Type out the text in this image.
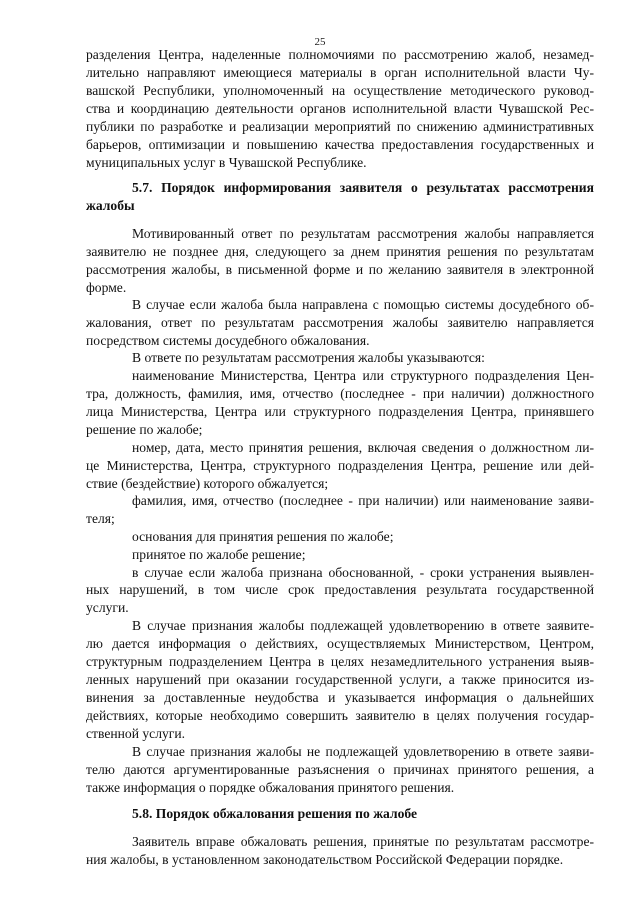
25
разделения Центра, наделенные полномочиями по рассмотрению жалоб, незамед-
лительно направляют имеющиеся материалы в орган исполнительной власти Чу-
вашской Республики, уполномоченный на осуществление методического руковод-
ства и координацию деятельности органов исполнительной власти Чувашской Рес-
публики по разработке и реализации мероприятий по снижению административных
барьеров, оптимизации и повышению качества предоставления государственных и
муниципальных услуг в Чувашской Республике.
5.7. Порядок информирования заявителя о результатах рассмотрения
жалобы
Мотивированный ответ по результатам рассмотрения жалобы направляется
заявителю не позднее дня, следующего за днем принятия решения по результатам
рассмотрения жалобы, в письменной форме и по желанию заявителя в электронной
форме.
В случае если жалоба была направлена с помощью системы досудебного об-
жалования, ответ по результатам рассмотрения жалобы заявителю направляется
посредством системы досудебного обжалования.
В ответе по результатам рассмотрения жалобы указываются:
наименование Министерства, Центра или структурного подразделения Цен-
тра, должность, фамилия, имя, отчество (последнее - при наличии) должностного
лица Министерства, Центра или структурного подразделения Центра, принявшего
решение по жалобе;
номер, дата, место принятия решения, включая сведения о должностном ли-
це Министерства, Центра, структурного подразделения Центра, решение или дей-
ствие (бездействие) которого обжалуется;
фамилия, имя, отчество (последнее - при наличии) или наименование заяви-
теля;
основания для принятия решения по жалобе;
принятое по жалобе решение;
в случае если жалоба признана обоснованной, - сроки устранения выявлен-
ных нарушений, в том числе срок предоставления результата государственной
услуги.
В случае признания жалобы подлежащей удовлетворению в ответе заявите-
лю дается информация о действиях, осуществляемых Министерством, Центром,
структурным подразделением Центра в целях незамедлительного устранения выяв-
ленных нарушений при оказании государственной услуги, а также приносится из-
винения за доставленные неудобства и указывается информация о дальнейших
действиях, которые необходимо совершить заявителю в целях получения государ-
ственной услуги.
В случае признания жалобы не подлежащей удовлетворению в ответе заяви-
телю даются аргументированные разъяснения о причинах принятого решения, а
также информация о порядке обжалования принятого решения.
5.8. Порядок обжалования решения по жалобе
Заявитель вправе обжаловать решения, принятые по результатам рассмотре-
ния жалобы, в установленном законодательством Российской Федерации порядке.
